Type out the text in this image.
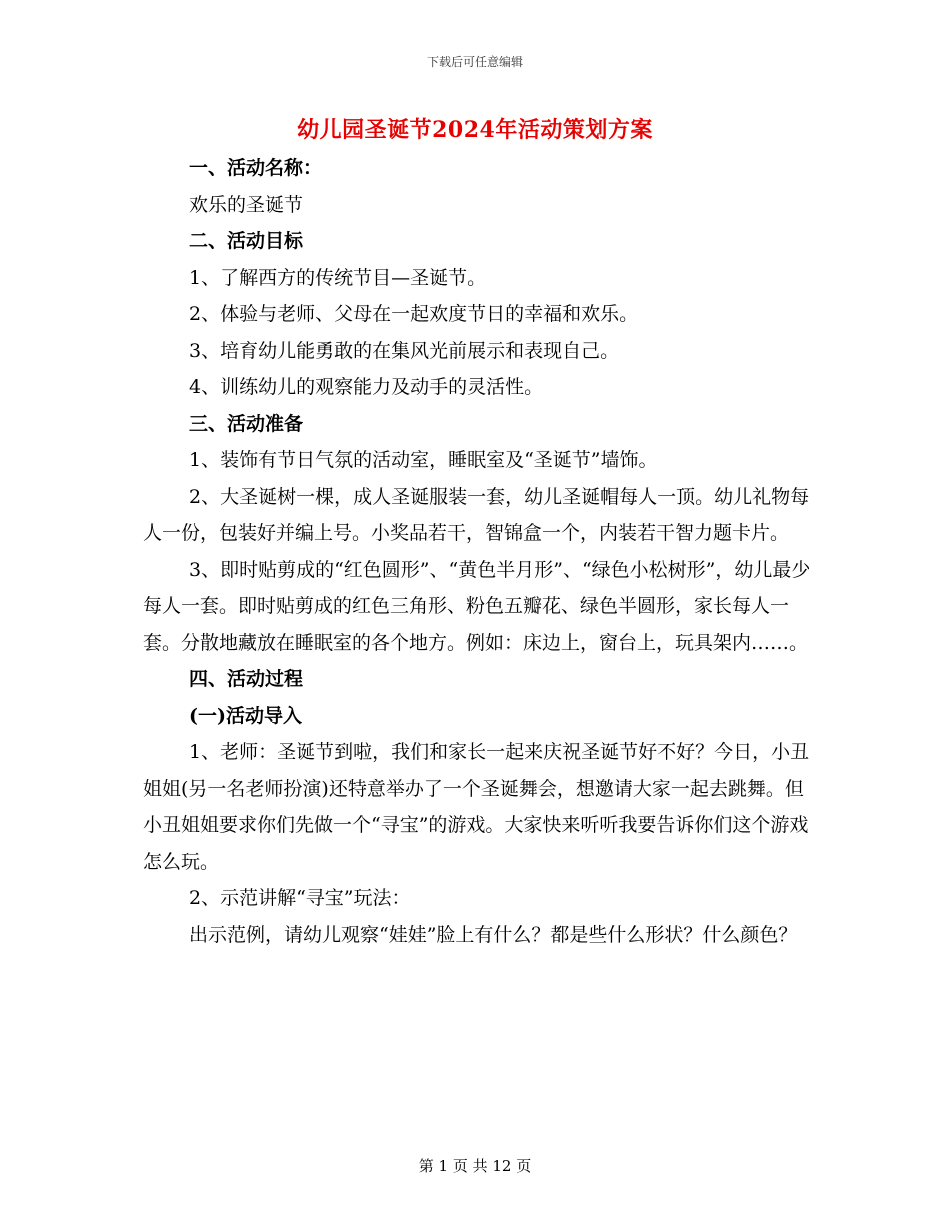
下载后可任意编辑
幼儿园圣诞节2024年活动策划方案

一、活动名称：

欢乐的圣诞节

二、活动目标

1、了解西方的传统节目—圣诞节。

2、体验与老师、父母在一起欢度节日的幸福和欢乐。

3、培育幼儿能勇敢的在集风光前展示和表现自己。

4、训练幼儿的观察能力及动手的灵活性。

三、活动准备

1、装饰有节日气氛的活动室，睡眠室及“圣诞节”墙饰。

2、大圣诞树一棵，成人圣诞服装一套，幼儿圣诞帽每人一顶。幼儿礼物每人一份，包装好并编上号。小奖品若干，智锦盒一个，内装若干智力题卡片。

3、即时贴剪成的“红色圆形”、“黄色半月形”、“绿色小松树形”，幼儿最少每人一套。即时贴剪成的红色三角形、粉色五瓣花、绿色半圆形，家长每人一套。分散地藏放在睡眠室的各个地方。例如：床边上，窗台上，玩具架内……。

四、活动过程

(一)活动导入

1、老师：圣诞节到啦，我们和家长一起来庆祝圣诞节好不好？今日，小丑姐姐(另一名老师扮演)还特意举办了一个圣诞舞会，想邀请大家一起去跳舞。但小丑姐姐要求你们先做一个“寻宝”的游戏。大家快来听听我要告诉你们这个游戏怎么玩。

2、示范讲解“寻宝”玩法：

出示范例，请幼儿观察“娃娃”脸上有什么？都是些什么形状？什么颜色？

第 1 页 共 12 页
